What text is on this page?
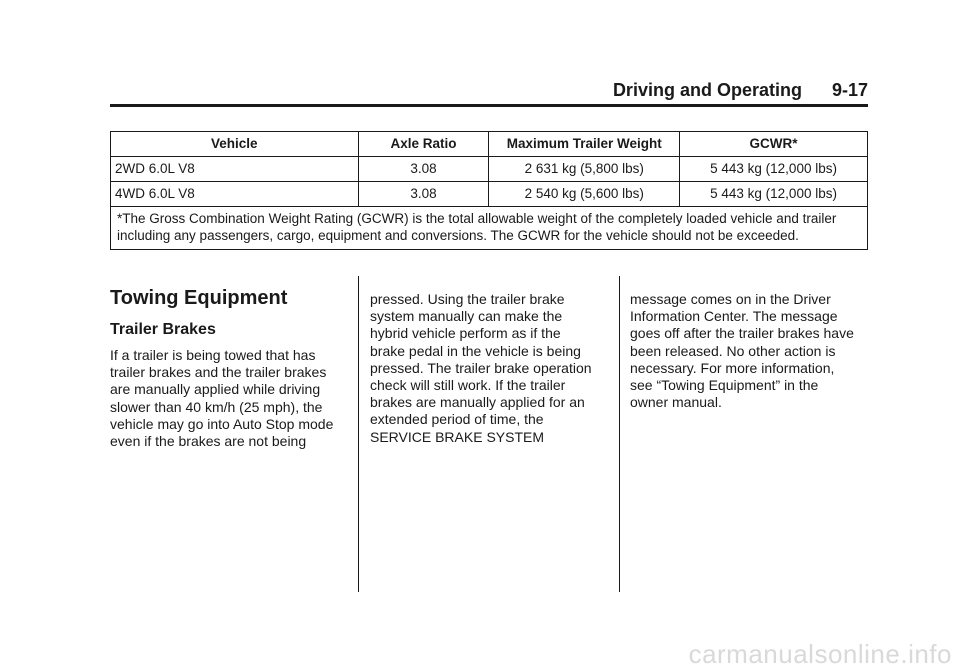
Driving and Operating 9-17
Vehicle	Axle Ratio	Maximum Trailer Weight	GCWR*
2WD 6.0L V8	3.08	2 631 kg (5,800 lbs)	5 443 kg (12,000 lbs)
4WD 6.0L V8	3.08	2 540 kg (5,600 lbs)	5 443 kg (12,000 lbs)
*The Gross Combination Weight Rating (GCWR) is the total allowable weight of the completely loaded vehicle and trailer including any passengers, cargo, equipment and conversions. The GCWR for the vehicle should not be exceeded.			
Towing Equipment
Trailer Brakes

If a trailer is being towed that has
trailer brakes and the trailer brakes
are manually applied while driving
slower than 40 km/h (25 mph), the
vehicle may go into Auto Stop mode
even if the brakes are not being

pressed. Using the trailer brake
system manually can make the
hybrid vehicle perform as if the
brake pedal in the vehicle is being
pressed. The trailer brake operation
check will still work. If the trailer
brakes are manually applied for an
extended period of time, the
SERVICE BRAKE SYSTEM

message comes on in the Driver
Information Center. The message
goes off after the trailer brakes have
been released. No other action is
necessary. For more information,
see “Towing Equipment” in the
owner manual.

carmanualsonline.info
